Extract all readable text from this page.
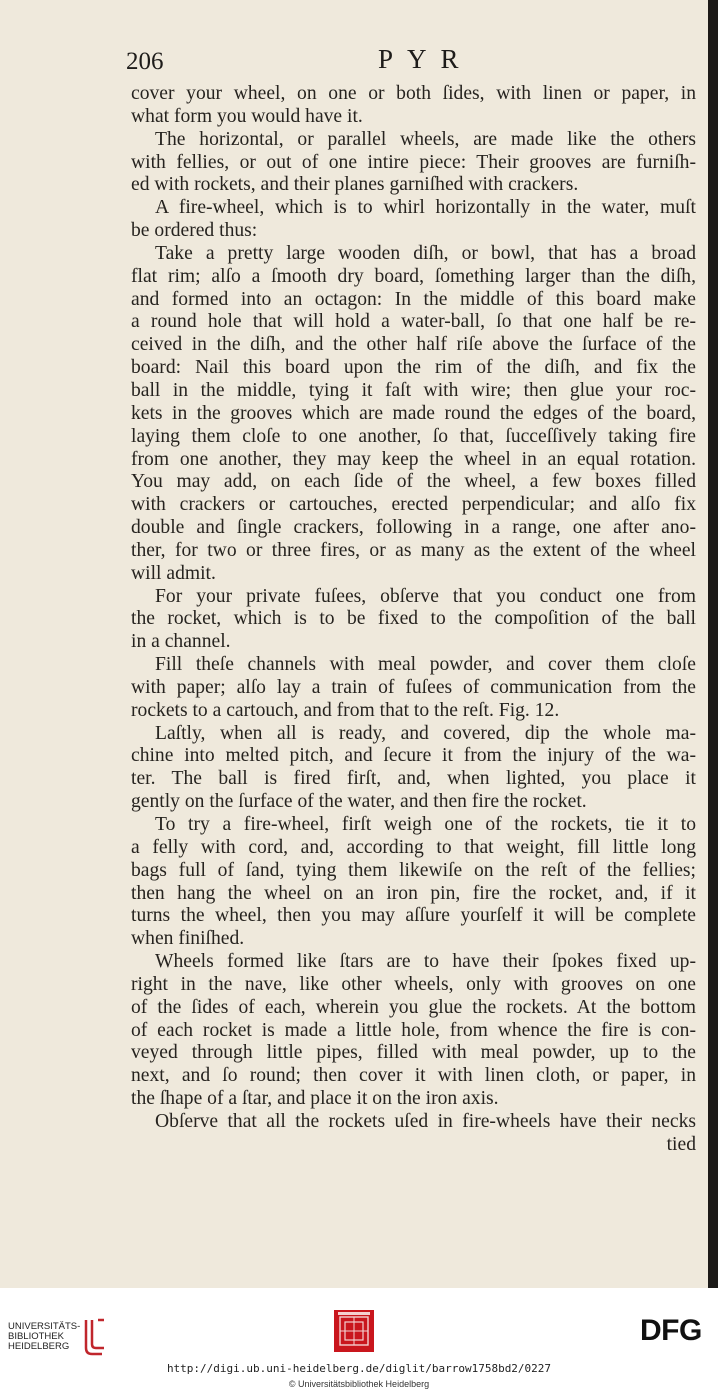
206	PYR
cover your wheel, on one or both ſides, with linen or paper, in
what form you would have it.
The horizontal, or parallel wheels, are made like the others
with fellies, or out of one intire piece: Their grooves are furniſh-
ed with rockets, and their planes garniſhed with crackers.
A fire-wheel, which is to whirl horizontally in the water, muſt
be ordered thus:
Take a pretty large wooden diſh, or bowl, that has a broad
flat rim; alſo a ſmooth dry board, ſomething larger than the diſh,
and formed into an octagon: In the middle of this board make
a round hole that will hold a water-ball, ſo that one half be re-
ceived in the diſh, and the other half riſe above the ſurface of the
board: Nail this board upon the rim of the diſh, and fix the
ball in the middle, tying it faſt with wire; then glue your roc-
kets in the grooves which are made round the edges of the board,
laying them cloſe to one another, ſo that, ſucceſſively taking fire
from one another, they may keep the wheel in an equal rotation.
You may add, on each ſide of the wheel, a few boxes filled
with crackers or cartouches, erected perpendicular; and alſo fix
double and ſingle crackers, following in a range, one after ano-
ther, for two or three fires, or as many as the extent of the wheel
will admit.
For your private fuſees, obſerve that you conduct one from
the rocket, which is to be fixed to the compoſition of the ball
in a channel.
Fill theſe channels with meal powder, and cover them cloſe
with paper; alſo lay a train of fuſees of communication from the
rockets to a cartouch, and from that to the reſt. Fig. 12.
Laſtly, when all is ready, and covered, dip the whole ma-
chine into melted pitch, and ſecure it from the injury of the wa-
ter. The ball is fired firſt, and, when lighted, you place it
gently on the ſurface of the water, and then fire the rocket.
To try a fire-wheel, firſt weigh one of the rockets, tie it to
a felly with cord, and, according to that weight, fill little long
bags full of ſand, tying them likewiſe on the reſt of the fellies;
then hang the wheel on an iron pin, fire the rocket, and, if it
turns the wheel, then you may aſſure yourſelf it will be complete
when finiſhed.
Wheels formed like ſtars are to have their ſpokes fixed up-
right in the nave, like other wheels, only with grooves on one
of the ſides of each, wherein you glue the rockets. At the bottom
of each rocket is made a little hole, from whence the fire is con-
veyed through little pipes, filled with meal powder, up to the
next, and ſo round; then cover it with linen cloth, or paper, in
the ſhape of a ſtar, and place it on the iron axis.
Obſerve that all the rockets uſed in fire-wheels have their necks
tied
UNIVERSITÄTS-
BIBLIOTHEK
HEIDELBERG	DFG
http://digi.ub.uni-heidelberg.de/diglit/barrow1758bd2/0227
© Universitätsbibliothek Heidelberg
